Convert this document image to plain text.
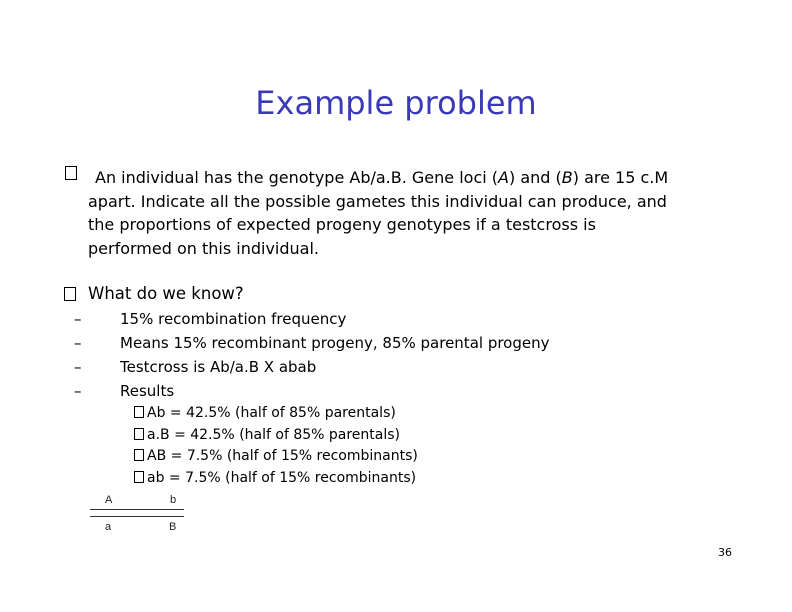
Example problem
An individual has the genotype Ab/a.B. Gene loci (A) and (B) are 15 c.M
apart. Indicate all the possible gametes this individual can produce, and
the proportions of expected progeny genotypes if a testcross is
performed on this individual.
What do we know?
–	15% recombination frequency
–	Means 15% recombinant progeny, 85% parental progeny
–	Testcross is Ab/a.B X abab
–	Results
Ab = 42.5% (half of 85% parentals)
a.B = 42.5% (half of 85% parentals)
AB = 7.5% (half of 15% recombinants)
ab = 7.5% (half of 15% recombinants)
A	b
a	B
36
